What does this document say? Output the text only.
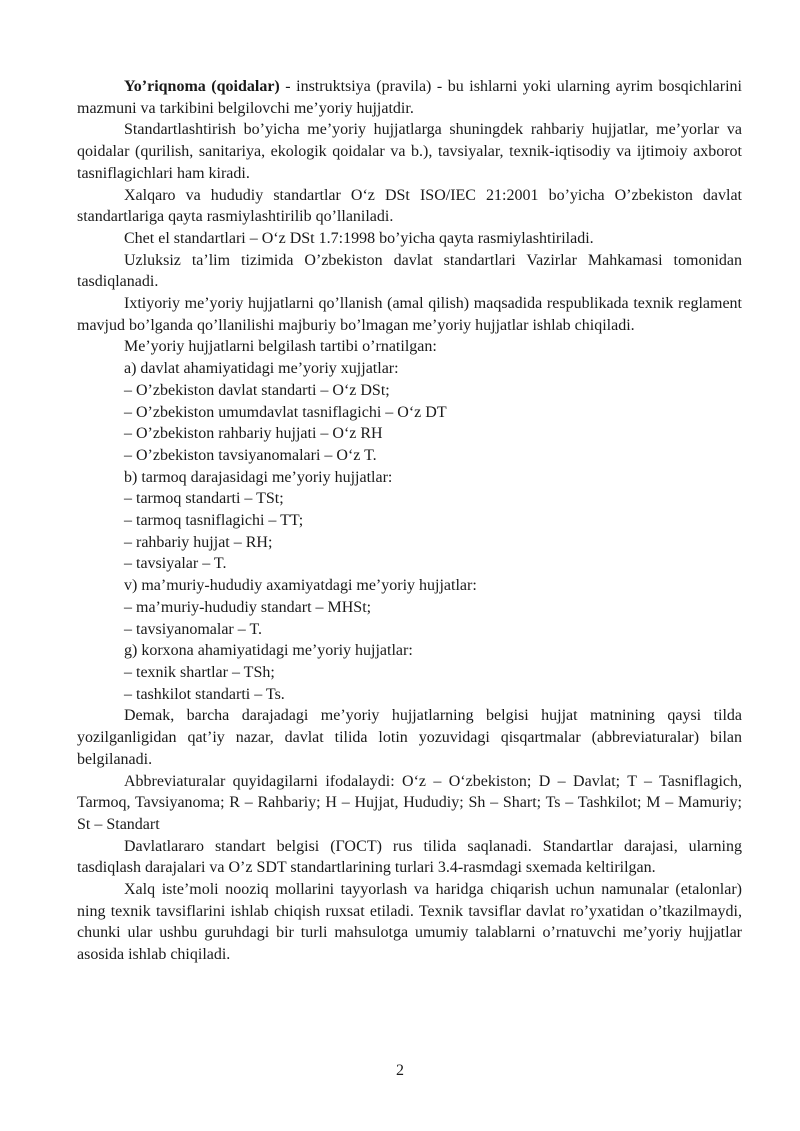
Yo’riqnoma (qoidalar) - instruktsiya (pravila) - bu ishlarni yoki ularning ayrim bosqichlarini mazmuni va tarkibini belgilovchi me’yoriy hujjatdir.

Standartlashtirish bo’yicha me’yoriy hujjatlarga shuningdek rahbariy hujjatlar, me’yorlar va qoidalar (qurilish, sanitariya, ekologik qoidalar va b.), tavsiyalar, texnik-iqtisodiy va ijtimoiy axborot tasniflagichlari ham kiradi.

Xalqaro va hududiy standartlar O‘z DSt ISO/IEC 21:2001 bo’yicha O’zbekiston davlat standartlariga qayta rasmiylashtirilib qo’llaniladi.

Chet el standartlari – O‘z DSt 1.7:1998 bo’yicha qayta rasmiylashtiriladi.

Uzluksiz ta’lim tizimida O’zbekiston davlat standartlari Vazirlar Mahkamasi tomonidan tasdiqlanadi.

Ixtiyoriy me’yoriy hujjatlarni qo’llanish (amal qilish) maqsadida respublikada texnik reglament mavjud bo’lganda qo’llanilishi majburiy bo’lmagan me’yoriy hujjatlar ishlab chiqiladi.

Me’yoriy hujjatlarni belgilash tartibi o’rnatilgan:

a) davlat ahamiyatidagi me’yoriy xujjatlar:

– O’zbekiston davlat standarti – O‘z DSt;

– O’zbekiston umumdavlat tasniflagichi – O‘z DT

– O’zbekiston rahbariy hujjati – O‘z RH

– O’zbekiston tavsiyanomalari – O‘z T.

b) tarmoq darajasidagi me’yoriy hujjatlar:

– tarmoq standarti – TSt;

– tarmoq tasniflagichi – TT;

– rahbariy hujjat – RH;

– tavsiyalar – T.

v) ma’muriy-hududiy axamiyatdagi me’yoriy hujjatlar:

– ma’muriy-hududiy standart – MHSt;

– tavsiyanomalar – T.

g) korxona ahamiyatidagi me’yoriy hujjatlar:

– texnik shartlar – TSh;

– tashkilot standarti – Ts.

Demak, barcha darajadagi me’yoriy hujjatlarning belgisi hujjat matnining qaysi tilda yozilganligidan qat’iy nazar, davlat tilida lotin yozuvidagi qisqartmalar (abbreviaturalar) bilan belgilanadi.

Abbreviaturalar quyidagilarni ifodalaydi: O‘z – O‘zbekiston; D – Davlat; T – Tasniflagich, Tarmoq, Tavsiyanoma; R – Rahbariy; H – Hujjat, Hududiy; Sh – Shart; Ts – Tashkilot; M – Mamuriy; St – Standart

Davlatlararo standart belgisi (ГОСТ) rus tilida saqlanadi. Standartlar darajasi, ularning tasdiqlash darajalari va O’z SDT standartlarining turlari 3.4-rasmdagi sxemada keltirilgan.

Xalq iste’moli nooziq mollarini tayyorlash va haridga chiqarish uchun namunalar (etalonlar) ning texnik tavsiflarini ishlab chiqish ruxsat etiladi. Texnik tavsiflar davlat ro’yxatidan o’tkazilmaydi, chunki ular ushbu guruhdagi bir turli mahsulotga umumiy talablarni o’rnatuvchi me’yoriy hujjatlar asosida ishlab chiqiladi.

2
